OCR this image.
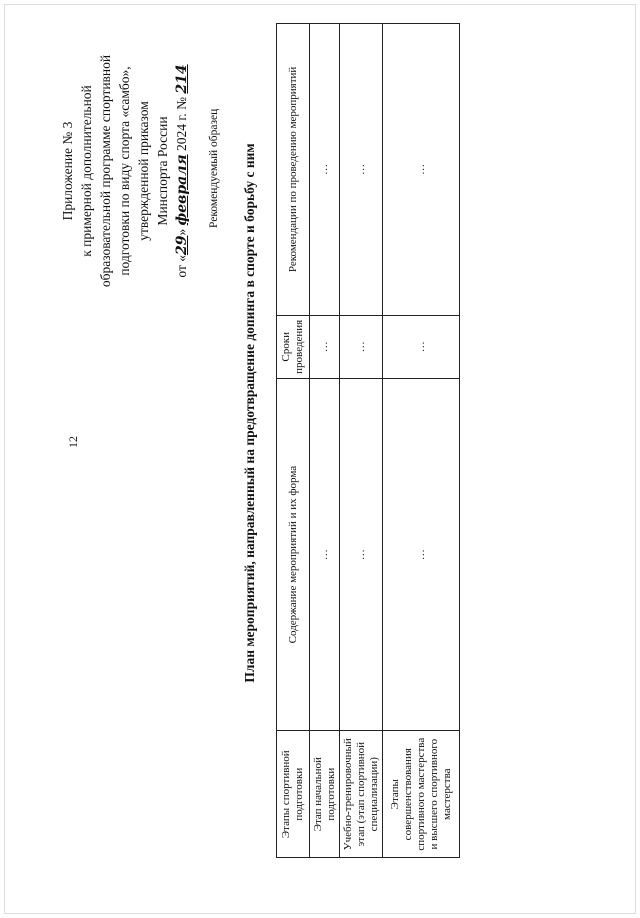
12
Приложение № 3 к примерной дополнительной образовательной программе спортивной подготовки по виду спорта «самбо», утвержденной приказом Минспорта России
от «29» февраля 2024 г. № 214
Рекомендуемый образец План мероприятий, направленный на предотвращение допинга в спорте и борьбу с ним
Этапы спортивной подготовки	Содержание мероприятий и их форма	Сроки проведения	Рекомендации по проведению мероприятий
Этап начальной подготовки	…	…	…
Учебно-тренировочный этап (этап спортивной специализации)	…	…	…
Этапы совершенствования спортивного мастерства и высшего спортивного мастерства	…	…	…
